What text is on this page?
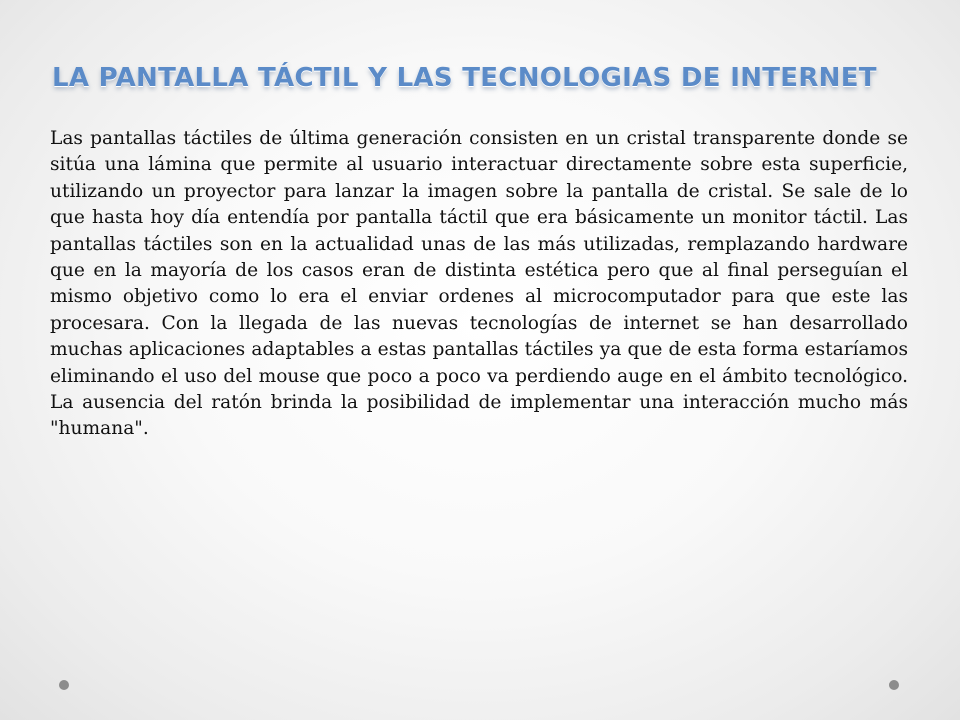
LA PANTALLA TÁCTIL Y LAS TECNOLOGIAS DE INTERNET

Las pantallas táctiles de última generación consisten en un cristal transparente donde se sitúa una lámina que permite al usuario interactuar directamente sobre esta superficie, utilizando un proyector para lanzar la imagen sobre la pantalla de cristal. Se sale de lo que hasta hoy día entendía por pantalla táctil que era básicamente un monitor táctil. Las pantallas táctiles son en la actualidad unas de las más utilizadas, remplazando hardware que en la mayoría de los casos eran de distinta estética pero que al final perseguían el mismo objetivo como lo era el enviar ordenes al microcomputador para que este las procesara. Con la llegada de las nuevas tecnologías de internet se han desarrollado muchas aplicaciones adaptables a estas pantallas táctiles ya que de esta forma estaríamos eliminando el uso del mouse que poco a poco va perdiendo auge en el ámbito tecnológico. La ausencia del ratón brinda la posibilidad de implementar una interacción mucho más "humana".
